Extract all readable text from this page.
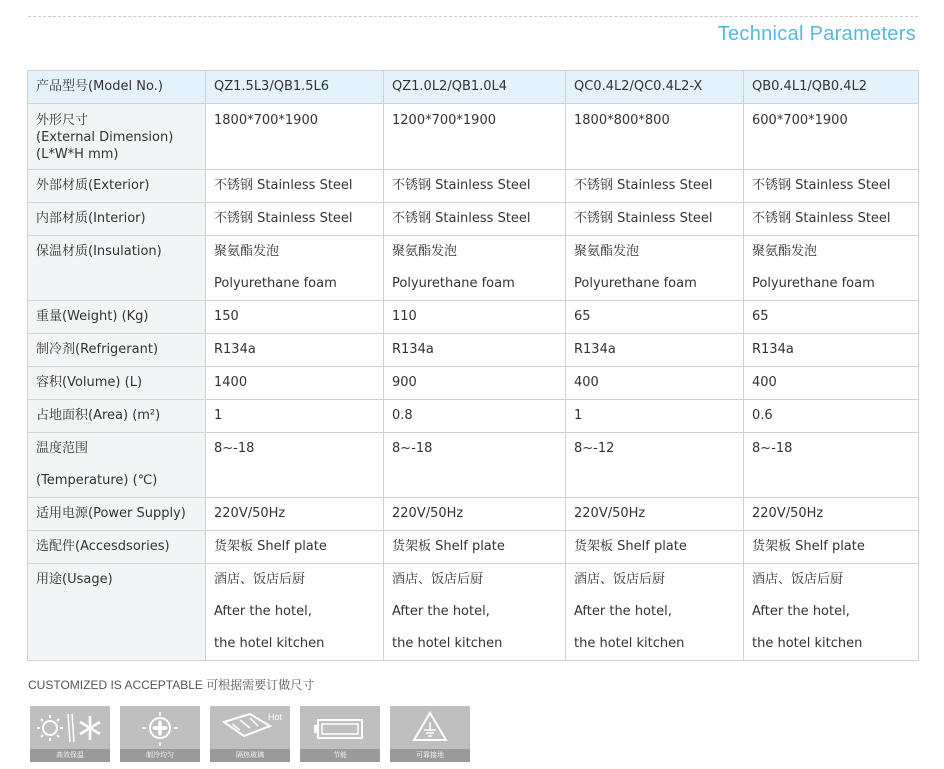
Technical Parameters
产品型号(Model No.)	QZ1.5L3/QB1.5L6	QZ1.0L2/QB1.0L4	QC0.4L2/QC0.4L2-X	QB0.4L1/QB0.4L2

外形尺寸
(External Dimension)
(L*W*H mm)	1800*700*1900	1200*700*1900	1800*800*800	600*700*1900

外部材质(Exterior)	不锈钢 Stainless Steel	不锈钢 Stainless Steel	不锈钢 Stainless Steel	不锈钢 Stainless Steel

内部材质(Interior)	不锈钢 Stainless Steel	不锈钢 Stainless Steel	不锈钢 Stainless Steel	不锈钢 Stainless Steel

保温材质(Insulation)	聚氨酯发泡
Polyurethane foam	聚氨酯发泡
Polyurethane foam	聚氨酯发泡
Polyurethane foam	聚氨酯发泡
Polyurethane foam

重量(Weight) (Kg)	150	110	65	65

制冷剂(Refrigerant)	R134a	R134a	R134a	R134a

容积(Volume) (L)	1400	900	400	400

占地面积(Area) (m²)	1	0.8	1	0.6

温度范围
(Temperature) (℃)	8~-18	8~-18	8~-12	8~-18

适用电源(Power Supply)	220V/50Hz	220V/50Hz	220V/50Hz	220V/50Hz

选配件(Accesdsories)	货架板 Shelf plate	货架板 Shelf plate	货架板 Shelf plate	货架板 Shelf plate

用途(Usage)	酒店、饭店后厨
After the hotel,
the hotel kitchen	酒店、饭店后厨
After the hotel,
the hotel kitchen	酒店、饭店后厨
After the hotel,
the hotel kitchen	酒店、饭店后厨
After the hotel,
the hotel kitchen
CUSTOMIZED IS ACCEPTABLE 可根据需要订做尺寸
高效保温	制冷均匀
Hot
隔热玻璃	节能	可靠接地
